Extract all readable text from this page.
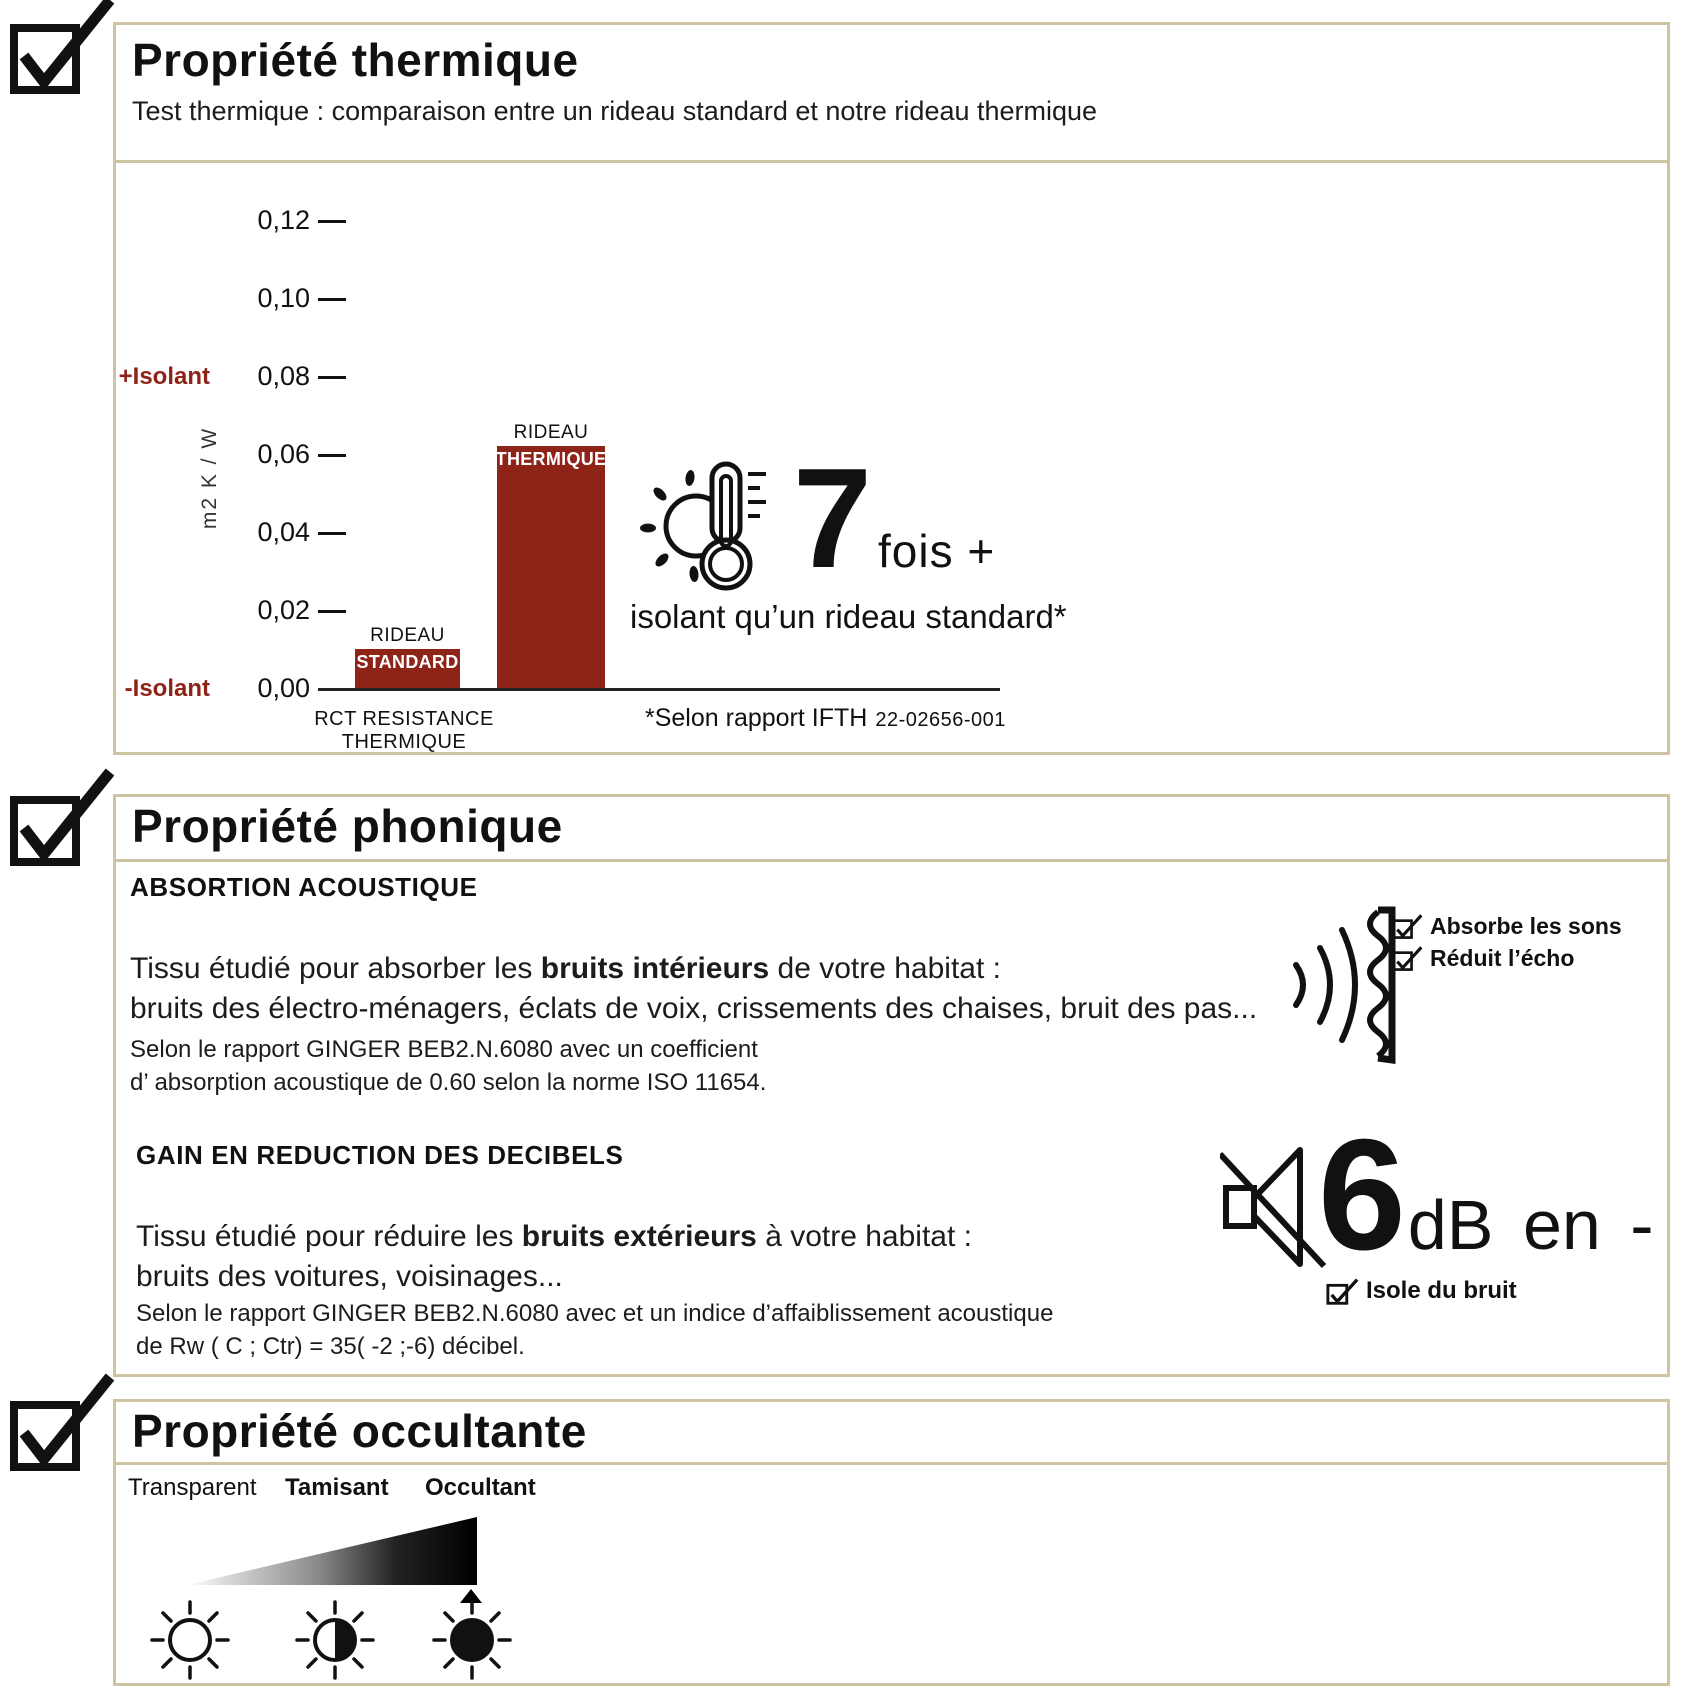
Propriété thermique
Test thermique : comparaison entre un rideau standard et notre rideau thermique
0,12
0,10
0,08
0,06
0,04
0,02
0,00
+Isolant
-Isolant
m2 K / W
RIDEAU
STANDARD
RIDEAU
THERMIQUE
RCT RESISTANCE THERMIQUE
*Selon rapport IFTH 22-02656-001
7 fois +
isolant qu’un rideau standard*
Propriété phonique
ABSORTION ACOUSTIQUE
Tissu étudié pour absorber les bruits intérieurs de votre habitat :
bruits des électro-ménagers, éclats de voix, crissements des chaises, bruit des pas...
Selon le rapport GINGER BEB2.N.6080 avec un coefficient
d’ absorption acoustique de 0.60 selon la norme ISO 11654.
Absorbe les sons
Réduit l’écho
GAIN EN REDUCTION DES DECIBELS
Tissu étudié pour réduire les bruits extérieurs à votre habitat :
bruits des voitures, voisinages...
Selon le rapport GINGER BEB2.N.6080 avec et un indice d’affaiblissement acoustique
de Rw ( C ; Ctr) = 35( -2 ;-6) décibel.
6 dB en -
Isole du bruit
Propriété occultante
Transparent Tamisant Occultant
